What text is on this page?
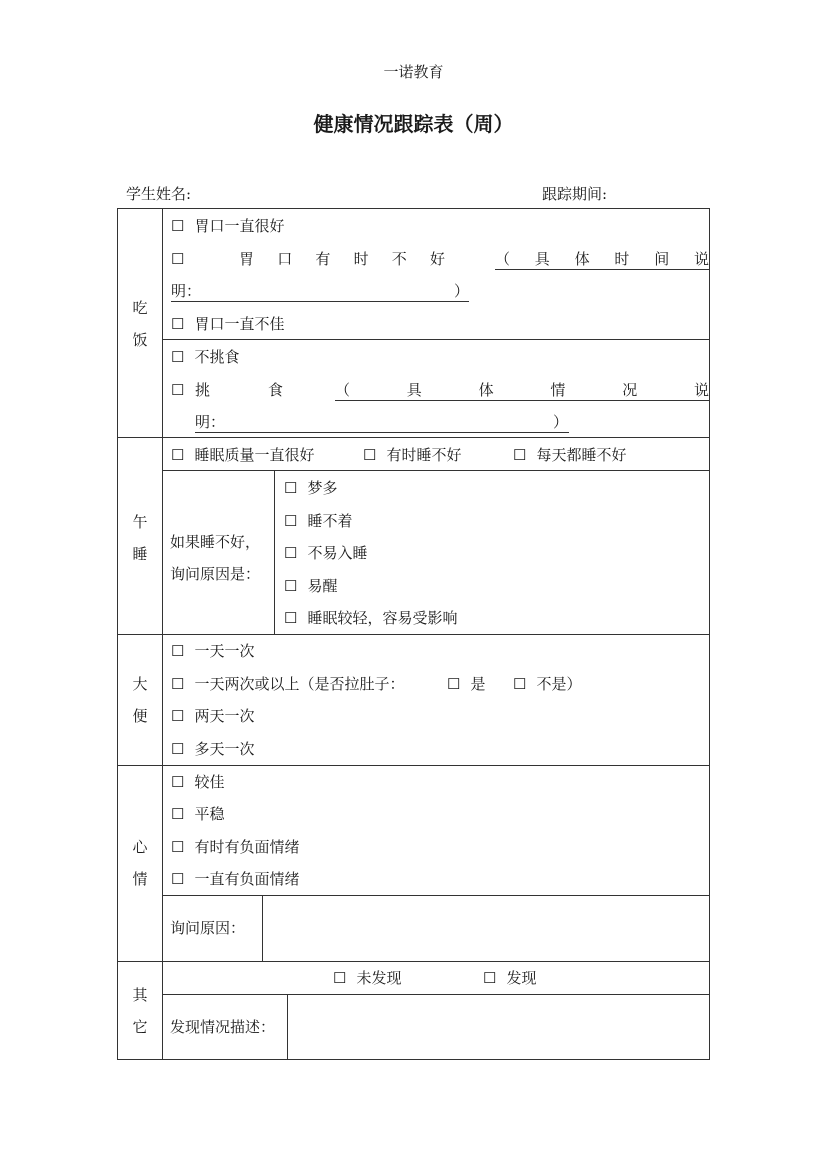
一诺教育
健康情况跟踪表（周）
学生姓名:	跟踪期间:
吃
饭
☐ 胃口一直很好
☐	胃 口 有 时 不 好	（ 具 体 时 间 说
明：	）
☐ 胃口一直不佳
☐ 不挑食
☐ 挑	食	（	具	体	情	况	说
明：	）
午
睡
☐ 睡眠质量一直很好	☐ 有时睡不好	☐ 每天都睡不好
如果睡不好，
询问原因是：
☐ 梦多
☐ 睡不着
☐ 不易入睡
☐ 易醒
☐ 睡眠较轻，容易受影响
大
便
☐ 一天一次
☐ 一天两次或以上（是否拉肚子：	☐ 是 ☐ 不是）
☐ 两天一次
☐ 多天一次
心
情
☐ 较佳
☐ 平稳
☐ 有时有负面情绪
☐ 一直有负面情绪
询问原因：
其
它
☐ 未发现	☐ 发现
发现情况描述：
